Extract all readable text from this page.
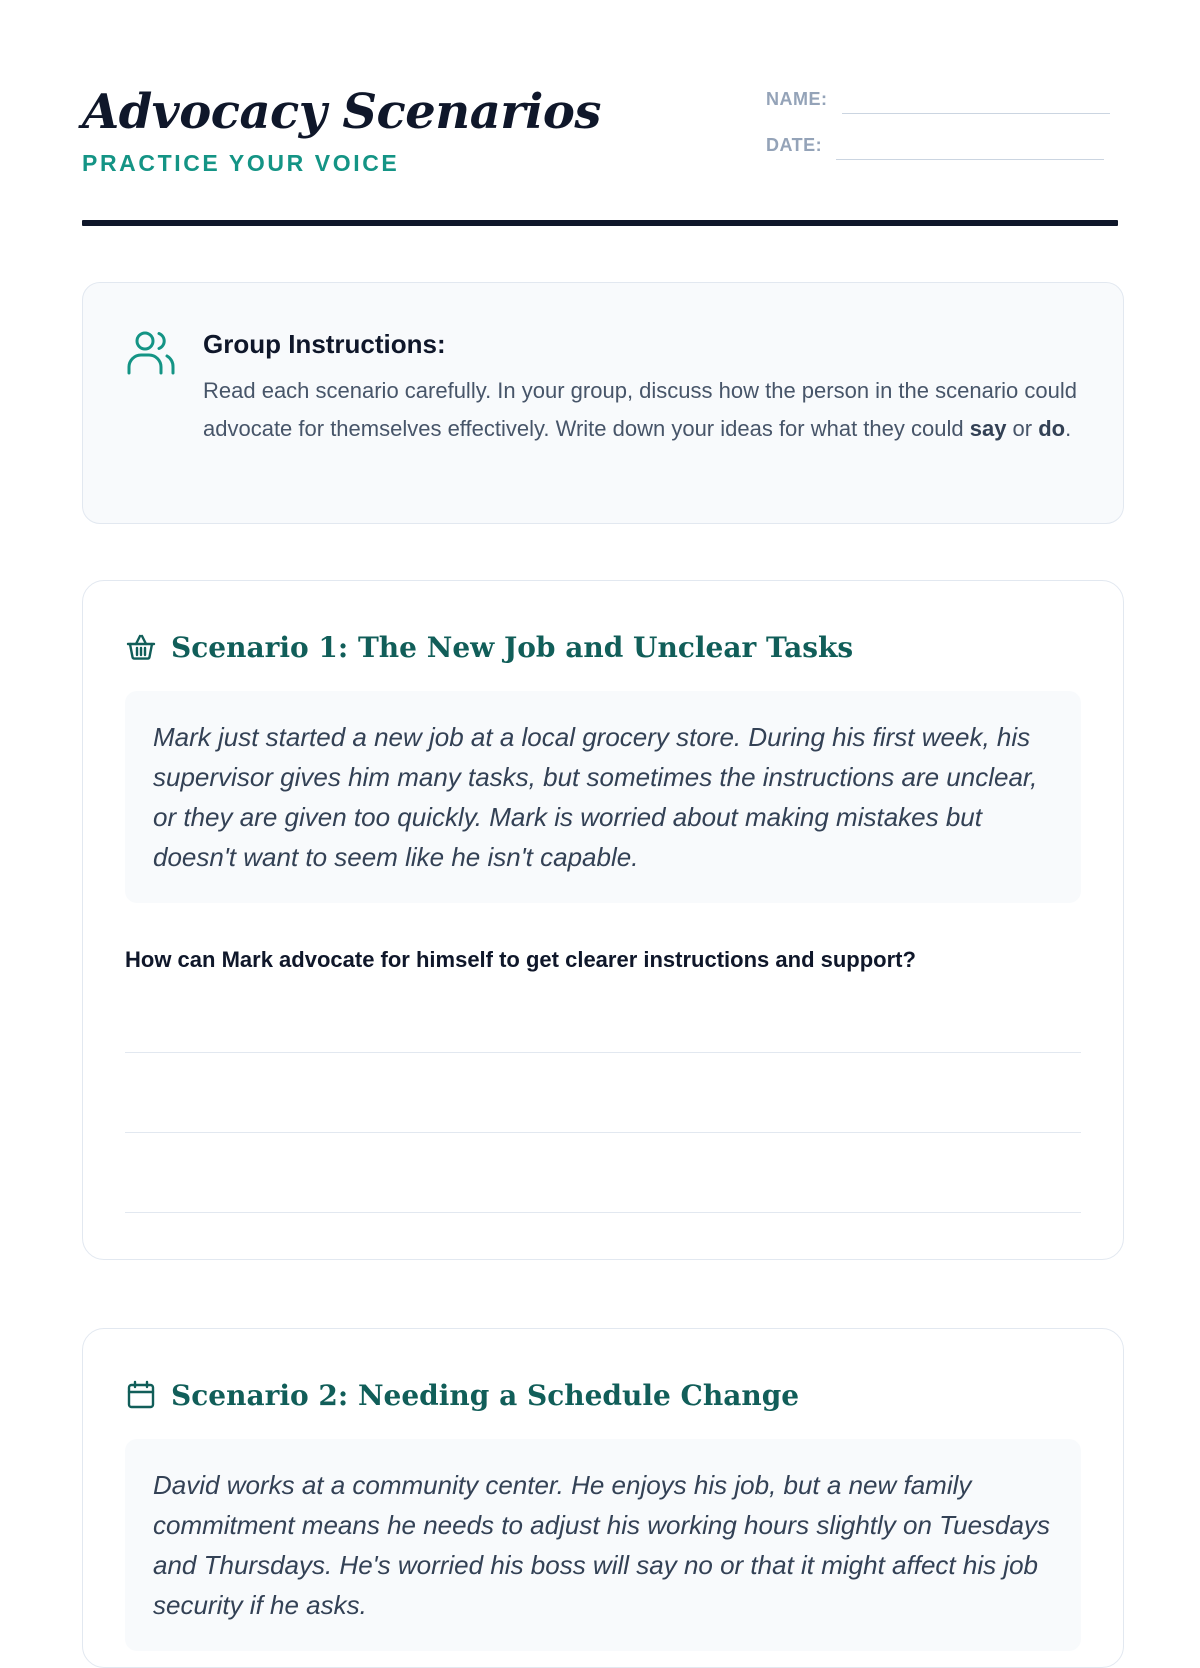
Advocacy Scenarios
PRACTICE YOUR VOICE
NAME:
DATE:
Group Instructions:

Read each scenario carefully. In your group, discuss how the person in the scenario could advocate for themselves effectively. Write down your ideas for what they could say or do.

Scenario 1: The New Job and Unclear Tasks

Mark just started a new job at a local grocery store. During his first week, his supervisor gives him many tasks, but sometimes the instructions are unclear, or they are given too quickly. Mark is worried about making mistakes but doesn't want to seem like he isn't capable.

How can Mark advocate for himself to get clearer instructions and support?
Scenario 2: Needing a Schedule Change

David works at a community center. He enjoys his job, but a new family commitment means he needs to adjust his working hours slightly on Tuesdays and Thursdays. He's worried his boss will say no or that it might affect his job security if he asks.
